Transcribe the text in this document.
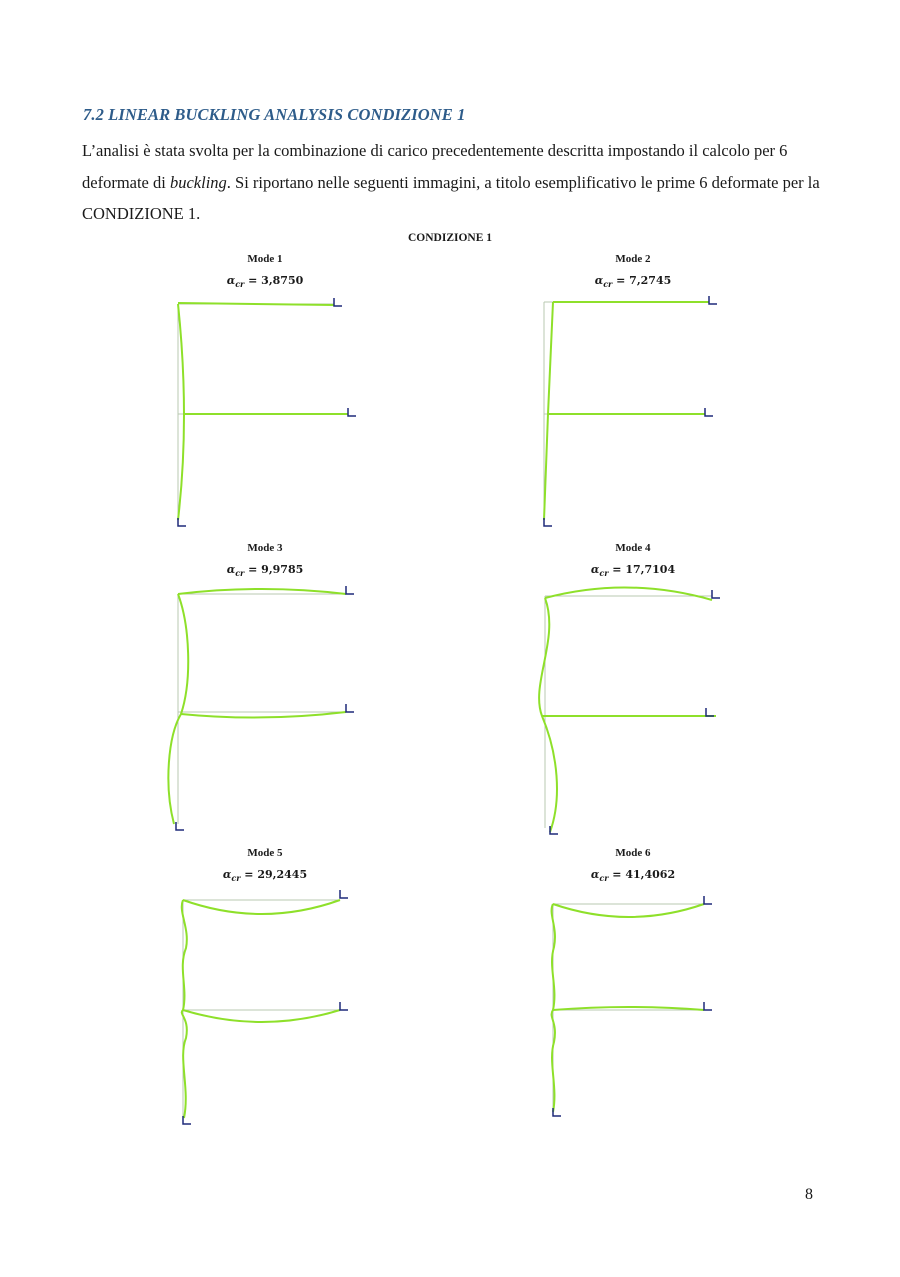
7.2 LINEAR BUCKLING ANALYSIS CONDIZIONE 1
L’analisi è stata svolta per la combinazione di carico precedentemente descritta impostando il calcolo per 6 deformate di buckling. Si riportano nelle seguenti immagini, a titolo esemplificativo le prime 6 deformate per la CONDIZIONE 1.
CONDIZIONE 1
Mode 1
$\alpha_{cr} = 3,8750$
Mode 2
$\alpha_{cr} = 7,2745$
Mode 3
$\alpha_{cr} = 9,9785$
Mode 4
$\alpha_{cr} = 17,7104$
Mode 5
$\alpha_{cr} = 29,2445$
Mode 6
$\alpha_{cr} = 41,4062$
8
